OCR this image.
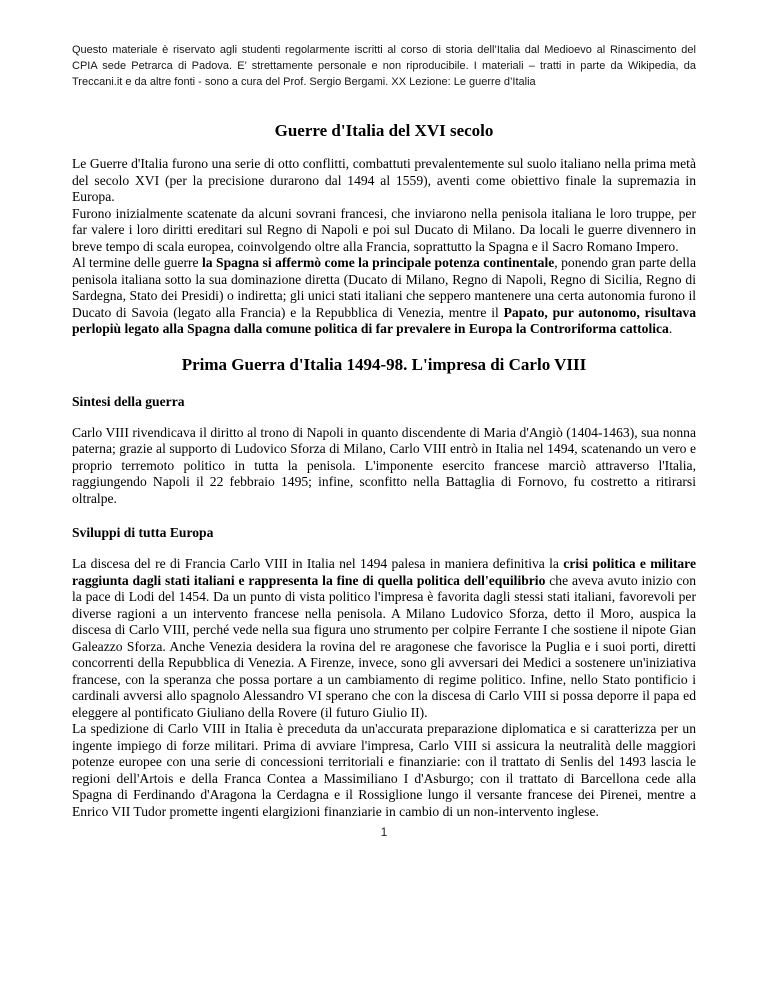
Questo materiale è riservato agli studenti regolarmente iscritti al corso di storia dell’Italia dal Medioevo al Rinascimento del CPIA sede Petrarca di Padova. E’ strettamente personale e non riproducibile. I materiali – tratti in parte da Wikipedia, da Treccani.it e da altre fonti - sono a cura del Prof. Sergio Bergami. XX Lezione: Le guerre d’Italia

Guerre d'Italia del XVI secolo

Le Guerre d'Italia furono una serie di otto conflitti, combattuti prevalentemente sul suolo italiano nella prima metà del secolo XVI (per la precisione durarono dal 1494 al 1559), aventi come obiettivo finale la supremazia in Europa.

Furono inizialmente scatenate da alcuni sovrani francesi, che inviarono nella penisola italiana le loro truppe, per far valere i loro diritti ereditari sul Regno di Napoli e poi sul Ducato di Milano. Da locali le guerre divennero in breve tempo di scala europea, coinvolgendo oltre alla Francia, soprattutto la Spagna e il Sacro Romano Impero.

Al termine delle guerre la Spagna si affermò come la principale potenza continentale, ponendo gran parte della penisola italiana sotto la sua dominazione diretta (Ducato di Milano, Regno di Napoli, Regno di Sicilia, Regno di Sardegna, Stato dei Presidi) o indiretta; gli unici stati italiani che seppero mantenere una certa autonomia furono il Ducato di Savoia (legato alla Francia) e la Repubblica di Venezia, mentre il Papato, pur autonomo, risultava perlopiù legato alla Spagna dalla comune politica di far prevalere in Europa la Controriforma cattolica.

Prima Guerra d'Italia 1494-98. L'impresa di Carlo VIII
Sintesi della guerra

Carlo VIII rivendicava il diritto al trono di Napoli in quanto discendente di Maria d'Angiò (1404-1463), sua nonna paterna; grazie al supporto di Ludovico Sforza di Milano, Carlo VIII entrò in Italia nel 1494, scatenando un vero e proprio terremoto politico in tutta la penisola. L'imponente esercito francese marciò attraverso l'Italia, raggiungendo Napoli il 22 febbraio 1495; infine, sconfitto nella Battaglia di Fornovo, fu costretto a ritirarsi oltralpe.

Sviluppi di tutta Europa

La discesa del re di Francia Carlo VIII in Italia nel 1494 palesa in maniera definitiva la crisi politica e militare raggiunta dagli stati italiani e rappresenta la fine di quella politica dell'equilibrio che aveva avuto inizio con la pace di Lodi del 1454. Da un punto di vista politico l'impresa è favorita dagli stessi stati italiani, favorevoli per diverse ragioni a un intervento francese nella penisola. A Milano Ludovico Sforza, detto il Moro, auspica la discesa di Carlo VIII, perché vede nella sua figura uno strumento per colpire Ferrante I che sostiene il nipote Gian Galeazzo Sforza. Anche Venezia desidera la rovina del re aragonese che favorisce la Puglia e i suoi porti, diretti concorrenti della Repubblica di Venezia. A Firenze, invece, sono gli avversari dei Medici a sostenere un'iniziativa francese, con la speranza che possa portare a un cambiamento di regime politico. Infine, nello Stato pontificio i cardinali avversi allo spagnolo Alessandro VI sperano che con la discesa di Carlo VIII si possa deporre il papa ed eleggere al pontificato Giuliano della Rovere (il futuro Giulio II).

La spedizione di Carlo VIII in Italia è preceduta da un'accurata preparazione diplomatica e si caratterizza per un ingente impiego di forze militari. Prima di avviare l'impresa, Carlo VIII si assicura la neutralità delle maggiori potenze europee con una serie di concessioni territoriali e finanziarie: con il trattato di Senlis del 1493 lascia le regioni dell'Artois e della Franca Contea a Massimiliano I d'Asburgo; con il trattato di Barcellona cede alla Spagna di Ferdinando d'Aragona la Cerdagna e il Rossiglione lungo il versante francese dei Pirenei, mentre a Enrico VII Tudor promette ingenti elargizioni finanziarie in cambio di un non-intervento inglese.

1
